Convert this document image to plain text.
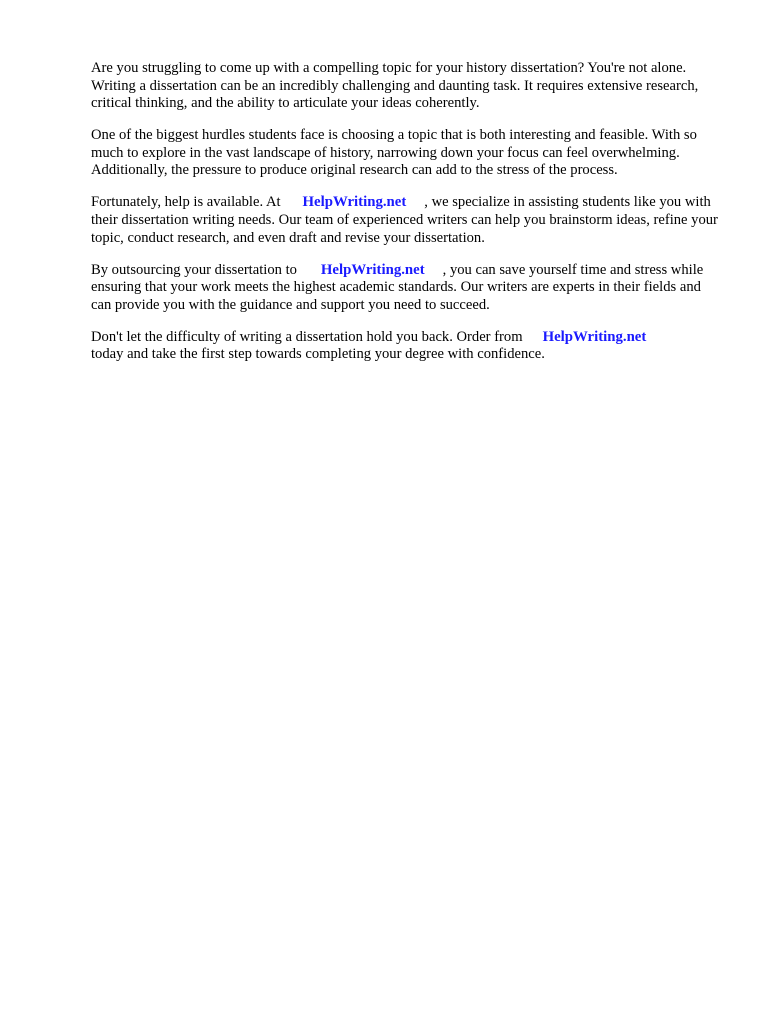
Are you struggling to come up with a compelling topic for your history dissertation? You're not alone. Writing a dissertation can be an incredibly challenging and daunting task. It requires extensive research, critical thinking, and the ability to articulate your ideas coherently.

One of the biggest hurdles students face is choosing a topic that is both interesting and feasible. With so much to explore in the vast landscape of history, narrowing down your focus can feel overwhelming. Additionally, the pressure to produce original research can add to the stress of the process.

Fortunately, help is available. At HelpWriting.net , we specialize in assisting students like you with their dissertation writing needs. Our team of experienced writers can help you brainstorm ideas, refine your topic, conduct research, and even draft and revise your dissertation.

By outsourcing your dissertation to HelpWriting.net , you can save yourself time and stress while ensuring that your work meets the highest academic standards. Our writers are experts in their fields and can provide you with the guidance and support you need to succeed.

Don't let the difficulty of writing a dissertation hold you back. Order from HelpWriting.net
today and take the first step towards completing your degree with confidence.
